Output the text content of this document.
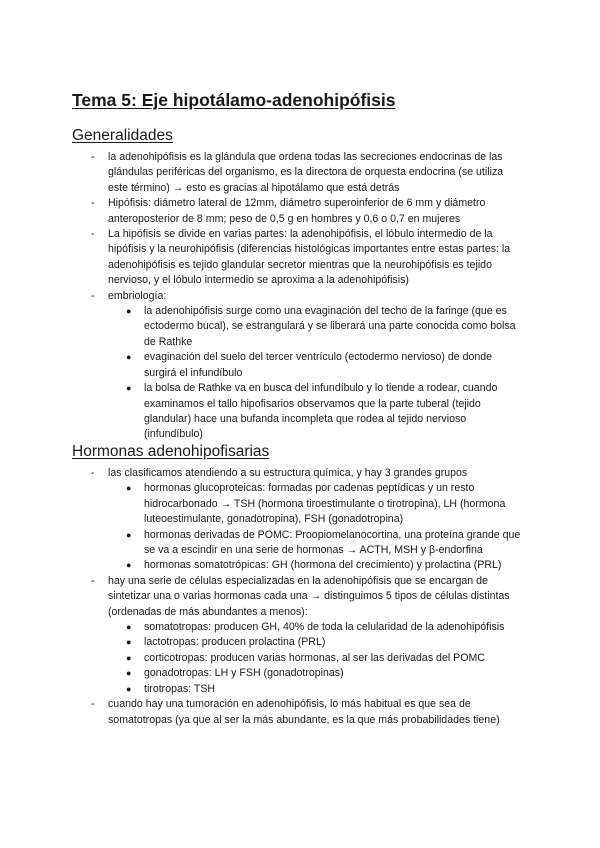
Tema 5: Eje hipotálamo-adenohipófisis
Generalidades
- la adenohipófisis es la glándula que ordena todas las secreciones endocrinas de las glándulas periféricas del organismo, es la directora de orquesta endocrina (se utiliza este término) → esto es gracias al hipotálamo que está detrás
- Hipófisis: diámetro lateral de 12mm, diámetro superoinferior de 6 mm y diámetro anteroposterior de 8 mm; peso de 0,5 g en hombres y 0,6 o 0,7 en mujeres
- La hipófisis se divide en varias partes: la adenohipófisis, el lóbulo intermedio de la hipófisis y la neurohipófisis (diferencias histológicas importantes entre estas partes: la adenohipófisis es tejido glandular secretor mientras que la neurohipófisis es tejido nervioso, y el lóbulo intermedio se aproxima a la adenohipófisis)
- embriología:
● la adenohipófisis surge como una evaginación del techo de la faringe (que es ectodermo bucal), se estrangulará y se liberará una parte conocida como bolsa de Rathke
● evaginación del suelo del tercer ventrículo (ectodermo nervioso) de donde surgirá el infundíbulo
● la bolsa de Rathke va en busca del infundíbulo y lo tiende a rodear, cuando examinamos el tallo hipofisarios observamos que la parte tuberal (tejido glandular) hace una bufanda incompleta que rodea al tejido nervioso (infundíbulo)
Hormonas adenohipofisarias
- las clasificamos atendiendo a su estructura química, y hay 3 grandes grupos
● hormonas glucoproteicas: formadas por cadenas peptídicas y un resto hidrocarbonado → TSH (hormona tiroestimulante o tirotropina), LH (hormona luteoestimulante, gonadotropina), FSH (gonadotropina)
● hormonas derivadas de POMC: Proopiomelanocortina, una proteína grande que se va a escindir en una serie de hormonas → ACTH, MSH y β-endorfina
● hormonas somatotrópicas: GH (hormona del crecimiento) y prolactina (PRL)
- hay una serie de células especializadas en la adenohipófisis que se encargan de sintetizar una o varias hormonas cada una → distinguimos 5 tipos de células distintas (ordenadas de más abundantes a menos):
● somatotropas: producen GH, 40% de toda la celularidad de la adenohipófisis
● lactotropas: producen prolactina (PRL)
● corticotropas: producen varias hormonas, al ser las derivadas del POMC
● gonadotropas: LH y FSH (gonadotropinas)
● tirotropas: TSH
- cuando hay una tumoración en adenohipófisis, lo más habitual es que sea de somatotropas (ya que al ser la más abundante, es la que más probabilidades tiene)
